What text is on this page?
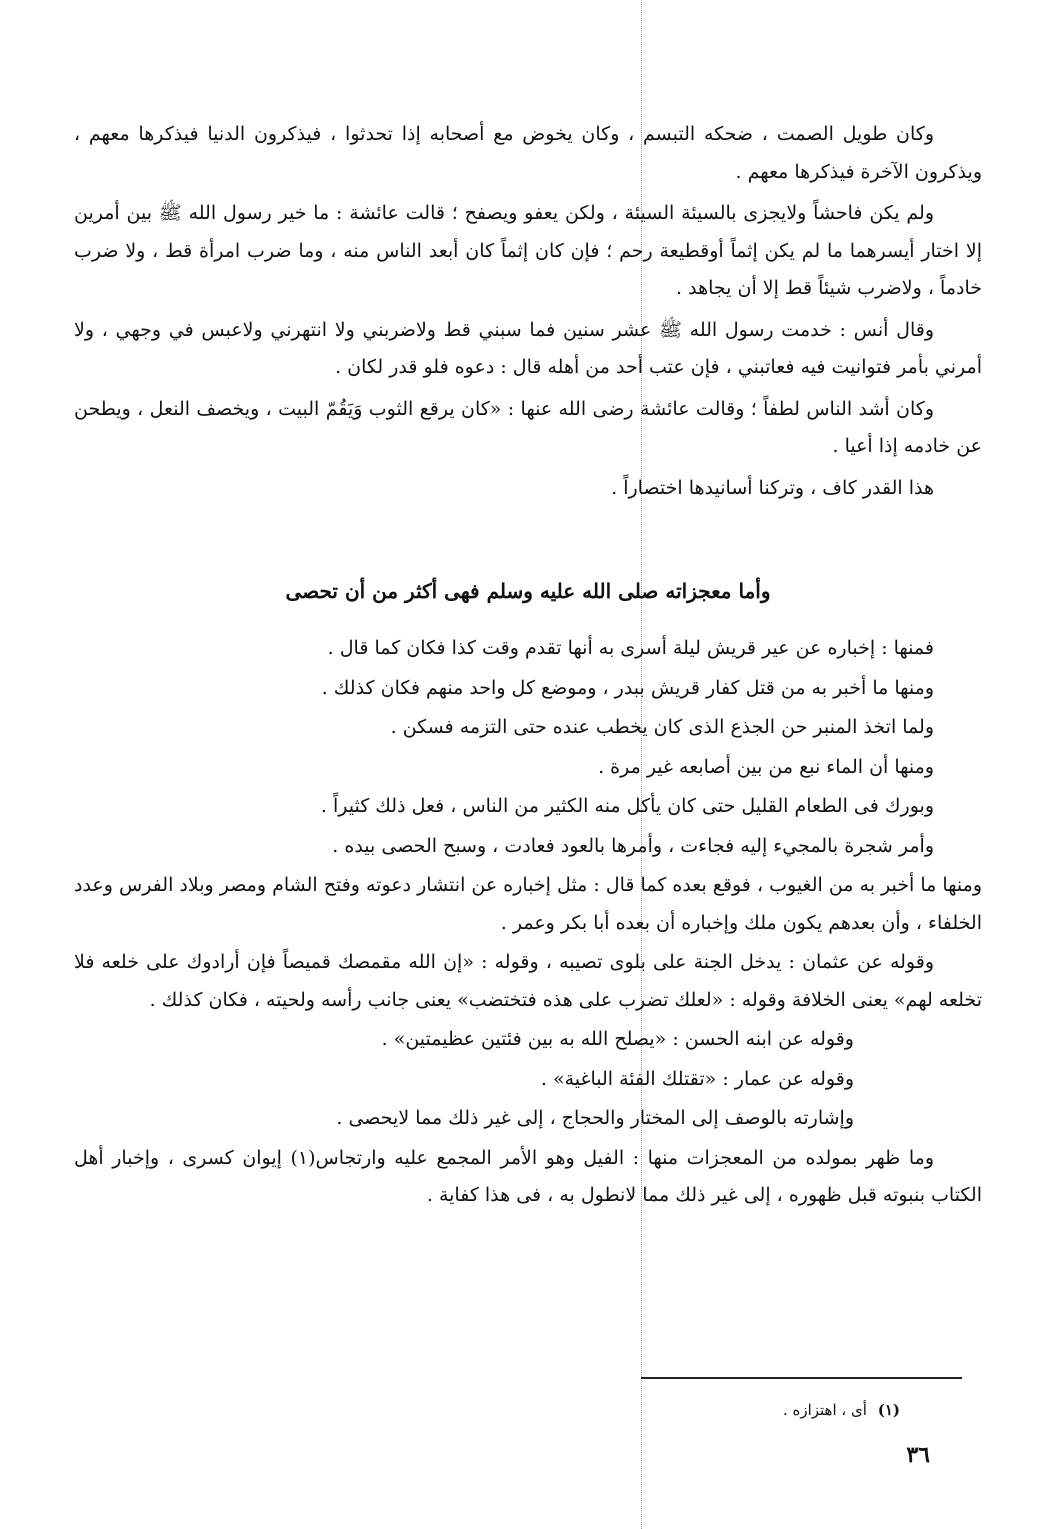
وكان طويل الصمت ، ضحكه التبسم ، وكان يخوض مع أصحابه إذا تحدثوا ، فيذكرون الدنيا فيذكرها معهم ، ويذكرون الآخرة فيذكرها معهم .

ولم يكن فاحشاً ولايجزى بالسيئة السيئة ، ولكن يعفو ويصفح ؛ قالت عائشة : ما خير رسول الله ﷺ بين أمرين إلا اختار أيسرهما ما لم يكن إثماً أوقطيعة رحم ؛ فإن كان إثماً كان أبعد الناس منه ، وما ضرب امرأة قط ، ولا ضرب خادماً ، ولاضرب شيئاً قط إلا أن يجاهد .

وقال أنس : خدمت رسول الله ﷺ عشر سنين فما سبني قط ولاضربني ولا انتهرني ولاعبس في وجهي ، ولا أمرني بأمر فتوانيت فيه فعاتبني ، فإن عتب أحد من أهله قال : دعوه فلو قدر لكان .

وكان أشد الناس لطفاً ؛ وقالت عائشة رضى الله عنها : «كان يرقع الثوب وَيَقُمّ البيت ، ويخصف النعل ، ويطحن عن خادمه إذا أعيا .

هذا القدر كاف ، وتركنا أسانيدها اختصاراً .

وأما معجزاته صلى الله عليه وسلم فهى أكثر من أن تحصى

فمنها : إخباره عن عير قريش ليلة أسرى به أنها تقدم وقت كذا فكان كما قال .

ومنها ما أخبر به من قتل كفار قريش ببدر ، وموضع كل واحد منهم فكان كذلك .

ولما اتخذ المنبر حن الجذع الذى كان يخطب عنده حتى التزمه فسكن .

ومنها أن الماء نبع من بين أصابعه غير مرة .

وبورك فى الطعام القليل حتى كان يأكل منه الكثير من الناس ، فعل ذلك كثيراً .

وأمر شجرة بالمجيء إليه فجاءت ، وأمرها بالعود فعادت ، وسبح الحصى بيده .

ومنها ما أخبر به من الغيوب ، فوقع بعده كما قال : مثل إخباره عن انتشار دعوته وفتح الشام ومصر وبلاد الفرس وعدد الخلفاء ، وأن بعدهم يكون ملك وإخباره أن بعده أبا بكر وعمر .

وقوله عن عثمان : يدخل الجنة على بلوى تصيبه ، وقوله : «إن الله مقمصك قميصاً فإن أرادوك على خلعه فلا تخلعه لهم» يعنى الخلافة وقوله : «لعلك تضرب على هذه فتختضب» يعنى جانب رأسه ولحيته ، فكان كذلك .

وقوله عن ابنه الحسن : «يصلح الله به بين فئتين عظيمتين» .

وقوله عن عمار : «تقتلك الفئة الباغية» .

وإشارته بالوصف إلى المختار والحجاج ، إلى غير ذلك مما لايحصى .

وما ظهر بمولده من المعجزات منها : الفيل وهو الأمر المجمع عليه وارتجاس(١) إيوان كسرى ، وإخبار أهل الكتاب بنبوته قبل ظهوره ، إلى غير ذلك مما لانطول به ، فى هذا كفاية .

(١) أى ، اهتزازه .
٣٦
